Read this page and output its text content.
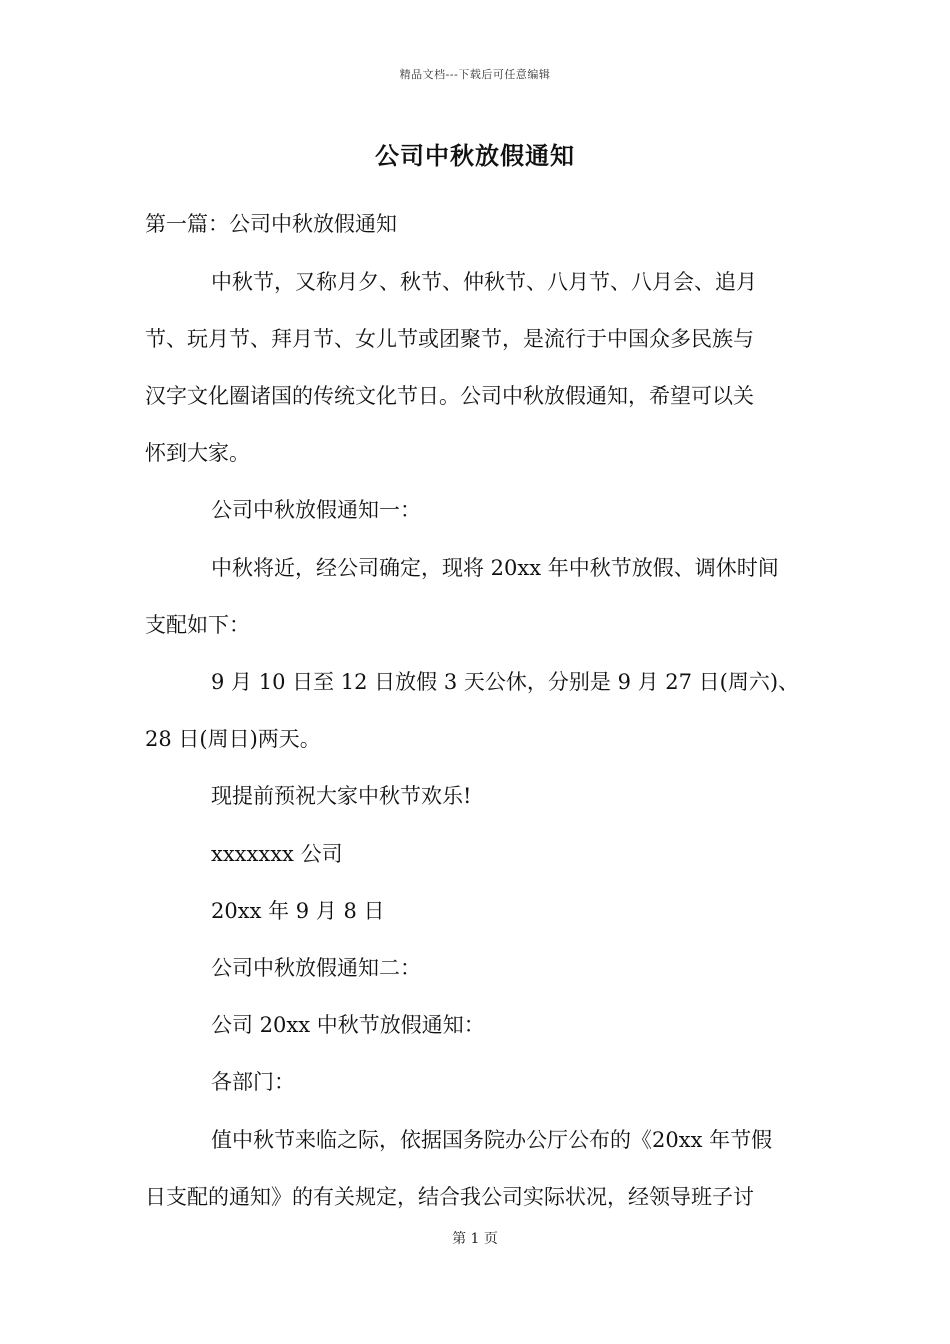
精品文档---下载后可任意编辑
公司中秋放假通知
第一篇：公司中秋放假通知
中秋节，又称月夕、秋节、仲秋节、八月节、八月会、追月
节、玩月节、拜月节、女儿节或团聚节，是流行于中国众多民族与
汉字文化圈诸国的传统文化节日。公司中秋放假通知，希望可以关
怀到大家。
公司中秋放假通知一：
中秋将近，经公司确定，现将 20xx 年中秋节放假、调休时间
支配如下：
9 月 10 日至 12 日放假 3 天公休，分别是 9 月 27 日(周六)、
28 日(周日)两天。
现提前预祝大家中秋节欢乐!
xxxxxxx 公司
20xx 年 9 月 8 日
公司中秋放假通知二：
公司 20xx 中秋节放假通知：
各部门：
值中秋节来临之际，依据国务院办公厅公布的《20xx 年节假
日支配的通知》的有关规定，结合我公司实际状况，经领导班子讨
第 1 页
